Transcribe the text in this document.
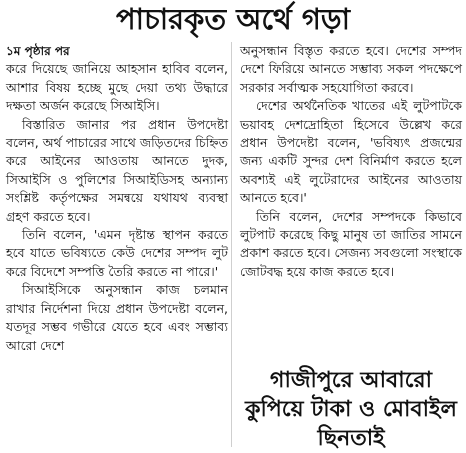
পাচারকৃত অর্থে গড়া
১ম পৃষ্ঠার পর

করে দিয়েছে জানিয়ে আহসান হাবিব বলেন, আশার বিষয় হচ্ছে মুছে দেয়া তথ্য উদ্ধারে দক্ষতা অর্জন করেছে সিআইসি।

বিস্তারিত জানার পর প্রধান উপদেষ্টা বলেন, অর্থ পাচারের সাথে জড়িতদের চিহ্নিত করে আইনের আওতায় আনতে দুদক, সিআইসি ও পুলিশের সিআইডিসহ অন্যান্য সংশ্লিষ্ট কর্তৃপক্ষের সমন্বয়ে যথাযথ ব্যবস্থা গ্রহণ করতে হবে।

তিনি বলেন, 'এমন দৃষ্টান্ত স্থাপন করতে হবে যাতে ভবিষ্যতে কেউ দেশের সম্পদ লুট করে বিদেশে সম্পত্তি তৈরি করতে না পারে।'

সিআইসিকে অনুসন্ধান কাজ চলমান রাখার নির্দেশনা দিয়ে প্রধান উপদেষ্টা বলেন, যতদূর সম্ভব গভীরে যেতে হবে এবং সম্ভাব্য আরো দেশে

অনুসন্ধান বিস্তৃত করতে হবে। দেশের সম্পদ দেশে ফিরিয়ে আনতে সম্ভাব্য সকল পদক্ষেপে সরকার সর্বাত্মক সহযোগিতা করবে।

দেশের অর্থনৈতিক খাতের এই লুটপাটকে ভয়াবহ দেশদ্রোহিতা হিসেবে উল্লেখ করে প্রধান উপদেষ্টা বলেন, 'ভবিষ্যৎ প্রজন্মের জন্য একটি সুন্দর দেশ বিনির্মাণ করতে হলে অবশ্যই এই লুটেরাদের আইনের আওতায় আনতে হবে।'

তিনি বলেন, দেশের সম্পদকে কিভাবে লুটপাট করেছে কিছু মানুষ তা জাতির সামনে প্রকাশ করতে হবে। সেজন্য সবগুলো সংস্থাকে জোটবদ্ধ হয়ে কাজ করতে হবে।

গাজীপুরে আবারো কুপিয়ে টাকা ও মোবাইল ছিনতাই
